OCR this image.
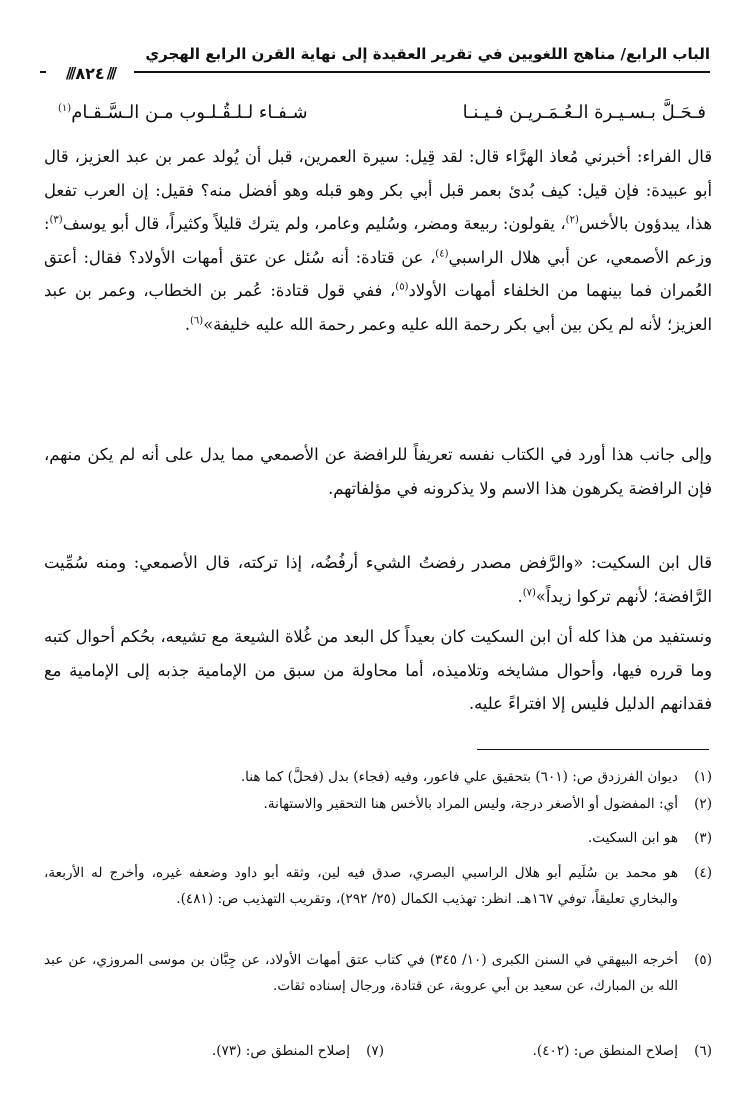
الباب الرابع/ مناهج اللغويين في تقرير العقيدة إلى نهاية القرن الرابع الهجري
///
٨٢٤
///
فـحَـلَّ بـسـيـرة الـعُـمَـريـن فـيـنـا
شـفـاء لـلـقُـلـوب مـن الـسَّـقـام$^{(١)}$

قال الفراء: أخبرني مُعاذ الهرَّاء قال: لقد قِيل: سيرة العمرين، قبل أن يُولد عمر بن عبد العزيز، قال أبو عبيدة: فإن قيل: كيف بُدئ بعمر قبل أبي بكر وهو قبله وهو أفضل منه؟ فقيل: إن العرب تفعل هذا، يبدؤون بالأخس$^{(٢)}$، يقولون: ربيعة ومضر، وسُليم وعامر، ولم يترك قليلاً وكثيراً، قال أبو يوسف$^{(٣)}$: وزعم الأصمعي، عن أبي هلال الراسبي$^{(٤)}$، عن قتادة: أنه سُئل عن عتق أمهات الأولاد؟ فقال: أعتق العُمران فما بينهما من الخلفاء أمهات الأولاد$^{(٥)}$، ففي قول قتادة: عُمر بن الخطاب، وعمر بن عبد العزيز؛ لأنه لم يكن بين أبي بكر رحمة الله عليه وعمر رحمة الله عليه خليفة»$^{(٦)}$.

وإلى جانب هذا أورد في الكتاب نفسه تعريفاً للرافضة عن الأصمعي مما يدل على أنه لم يكن منهم، فإن الرافضة يكرهون هذا الاسم ولا يذكرونه في مؤلفاتهم.

قال ابن السكيت: «والرَّفض مصدر رفضتُ الشيء أرفُضُه، إذا تركته، قال الأصمعي: ومنه سُمِّيت الرَّافضة؛ لأنهم تركوا زيداً»$^{(٧)}$.

ونستفيد من هذا كله أن ابن السكيت كان بعيداً كل البعد من غُلاة الشيعة مع تشيعه، بحُكم أحوال كتبه وما قرره فيها، وأحوال مشايخه وتلاميذه، أما محاولة من سبق من الإمامية جذبه إلى الإمامية مع فقدانهم الدليل فليس إلا افتراءً عليه.

(١)
ديوان الفرزدق ص: (٦٠١) بتحقيق علي فاعور، وفيه (فجاء) بدل (فحلَّ) كما هنا.
(٢)
أي: المفضول أو الأصغر درجة، وليس المراد بالأخس هنا التحقير والاستهانة.
(٣)
هو ابن السكيت.
(٤)
هو محمد بن سُلَيم أبو هلال الراسبي البصري، صدق فيه لين، وثقه أبو داود وضعفه غيره، وأخرج له الأربعة، والبخاري تعليقاً، توفي ١٦٧هـ. انظر: تهذيب الكمال (٢٥/ ٢٩٢)، وتقريب التهذيب ص: (٤٨١).
(٥)
أخرجه البيهقي في السنن الكبرى (١٠/ ٣٤٥) في كتاب عتق أمهات الأولاد، عن جِبَّان بن موسى المروزي، عن عبد الله بن المبارك، عن سعيد بن أبي عروبة، عن قتادة، ورجال إسناده ثقات.
(٦)
إصلاح المنطق ص: (٤٠٢).
(٧)
إصلاح المنطق ص: (٧٣).
